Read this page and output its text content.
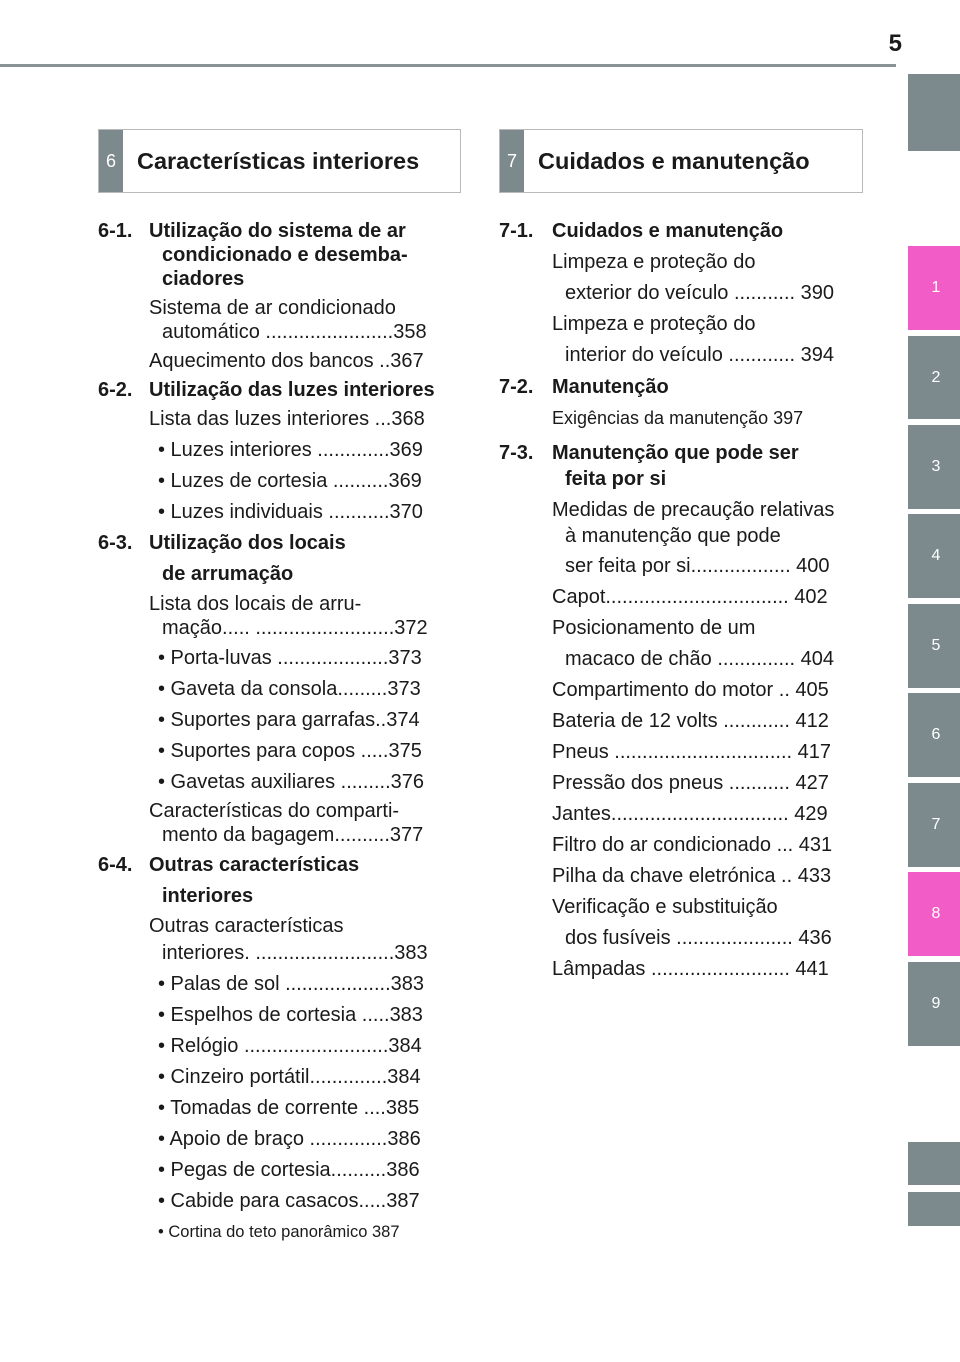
5
1
2
3
4
5
6
7
8
9
6 Características interiores	7 Cuidados e manutenção
6-1. Utilização do sistema de ar
condicionado e desemba-
ciadores
Sistema de ar condicionado
automático .......................358
Aquecimento dos bancos ..367
6-2. Utilização das luzes interiores
Lista das luzes interiores ...368
• Luzes interiores .............369
• Luzes de cortesia ..........369
• Luzes individuais ...........370
6-3. Utilização dos locais
de arrumação
Lista dos locais de arru-
mação..... .........................372
• Porta-luvas ....................373
• Gaveta da consola.........373
• Suportes para garrafas..374
• Suportes para copos .....375
• Gavetas auxiliares .........376
Características do comparti-
mento da bagagem..........377
6-4. Outras características
interiores
Outras características
interiores. .........................383
• Palas de sol ...................383
• Espelhos de cortesia .....383
• Relógio ..........................384
• Cinzeiro portátil..............384
• Tomadas de corrente ....385
• Apoio de braço ..............386
• Pegas de cortesia..........386
• Cabide para casacos.....387
• Cortina do teto panorâmico 387
7-1. Cuidados e manutenção
Limpeza e proteção do
exterior do veículo ........... 390
Limpeza e proteção do
interior do veículo ............ 394
7-2. Manutenção
Exigências da manutenção 397
7-3. Manutenção que pode ser
feita por si
Medidas de precaução relativas
à manutenção que pode
ser feita por si.................. 400
Capot................................. 402
Posicionamento de um
macaco de chão .............. 404
Compartimento do motor .. 405
Bateria de 12 volts ............ 412
Pneus ................................ 417
Pressão dos pneus ........... 427
Jantes................................ 429
Filtro do ar condicionado ... 431
Pilha da chave eletrónica .. 433
Verificação e substituição
dos fusíveis ..................... 436
Lâmpadas ......................... 441
